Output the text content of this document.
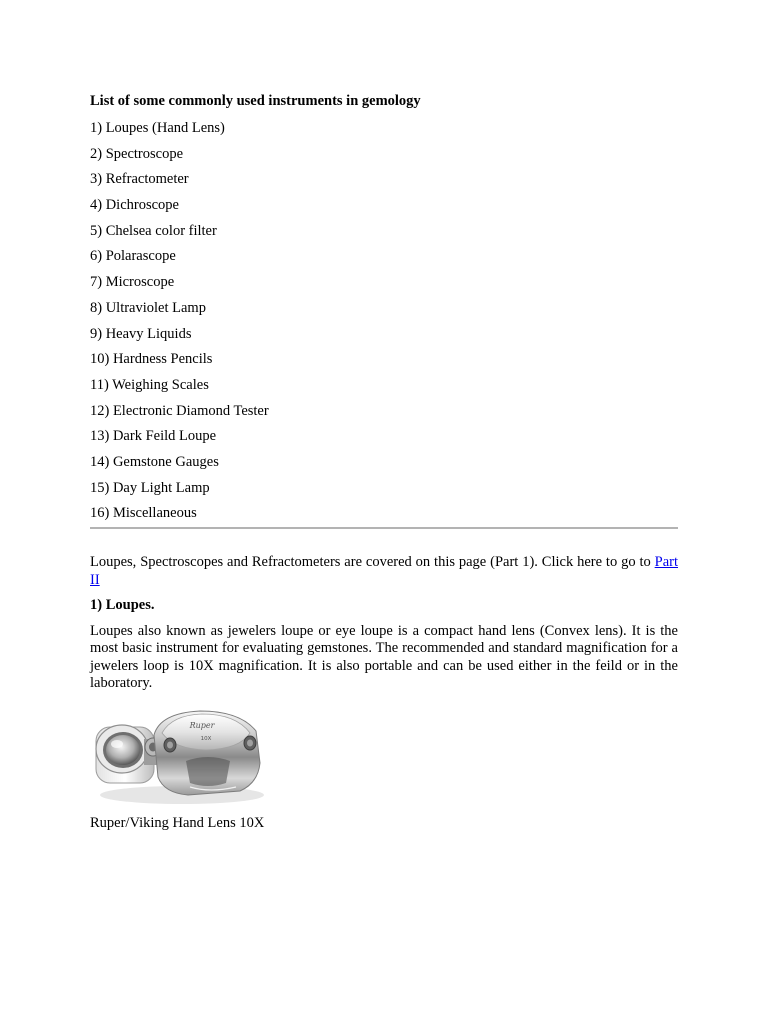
List of some commonly used instruments in gemology
1) Loupes (Hand Lens)
2) Spectroscope
3) Refractometer
4) Dichroscope
5) Chelsea color filter
6) Polarascope
7) Microscope
8) Ultraviolet Lamp
9) Heavy Liquids
10) Hardness Pencils
11) Weighing Scales
12) Electronic Diamond Tester
13) Dark Feild Loupe
14) Gemstone Gauges
15) Day Light Lamp
16) Miscellaneous

Loupes, Spectroscopes and Refractometers are covered on this page (Part 1). Click here to go to Part II

1) Loupes.

Loupes also known as jewelers loupe or eye loupe is a compact hand lens (Convex lens). It is the most basic instrument for evaluating gemstones. The recommended and standard magnification for a jewelers loop is 10X magnification. It is also portable and can be used either in the feild or in the laboratory.

Ruper
10X
Ruper/Viking Hand Lens 10X
